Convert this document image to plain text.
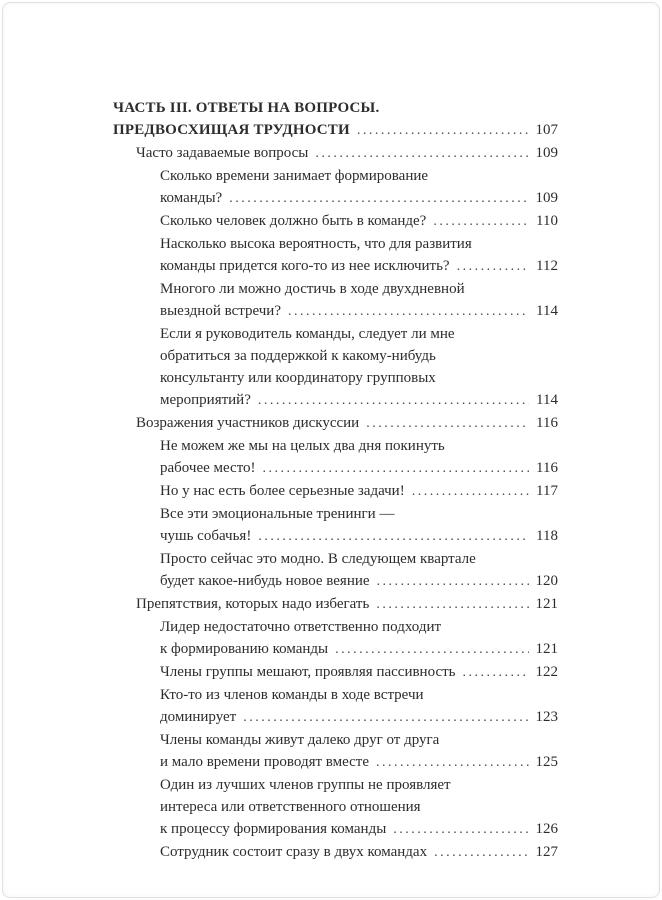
ЧАСТЬ III. ОТВЕТЫ НА ВОПРОСЫ.
ПРЕДВОСХИЩАЯ ТРУДНОСТИ .....	107
Часто задаваемые вопросы .....	109
Сколько времени занимает формирование
команды? .....	109
Сколько человек должно быть в команде? .....	110
Насколько высока вероятность, что для развития
команды придется кого-то из нее исключить? .....	112
Многого ли можно достичь в ходе двухдневной
выездной встречи? .....	114
Если я руководитель команды, следует ли мне
обратиться за поддержкой к какому-нибудь
консультанту или координатору групповых
мероприятий? .....	114
Возражения участников дискуссии .....	116
Не можем же мы на целых два дня покинуть
рабочее место! .....	116
Но у нас есть более серьезные задачи! .....	117
Все эти эмоциональные тренинги —
чушь собачья! .....	118
Просто сейчас это модно. В следующем квартале
будет какое-нибудь новое веяние .....	120
Препятствия, которых надо избегать .....	121
Лидер недостаточно ответственно подходит
к формированию команды .....	121
Члены группы мешают, проявляя пассивность .....	122
Кто-то из членов команды в ходе встречи
доминирует .....	123
Члены команды живут далеко друг от друга
и мало времени проводят вместе .....	125
Один из лучших членов группы не проявляет
интереса или ответственного отношения
к процессу формирования команды .....	126
Сотрудник состоит сразу в двух командах .....	127
